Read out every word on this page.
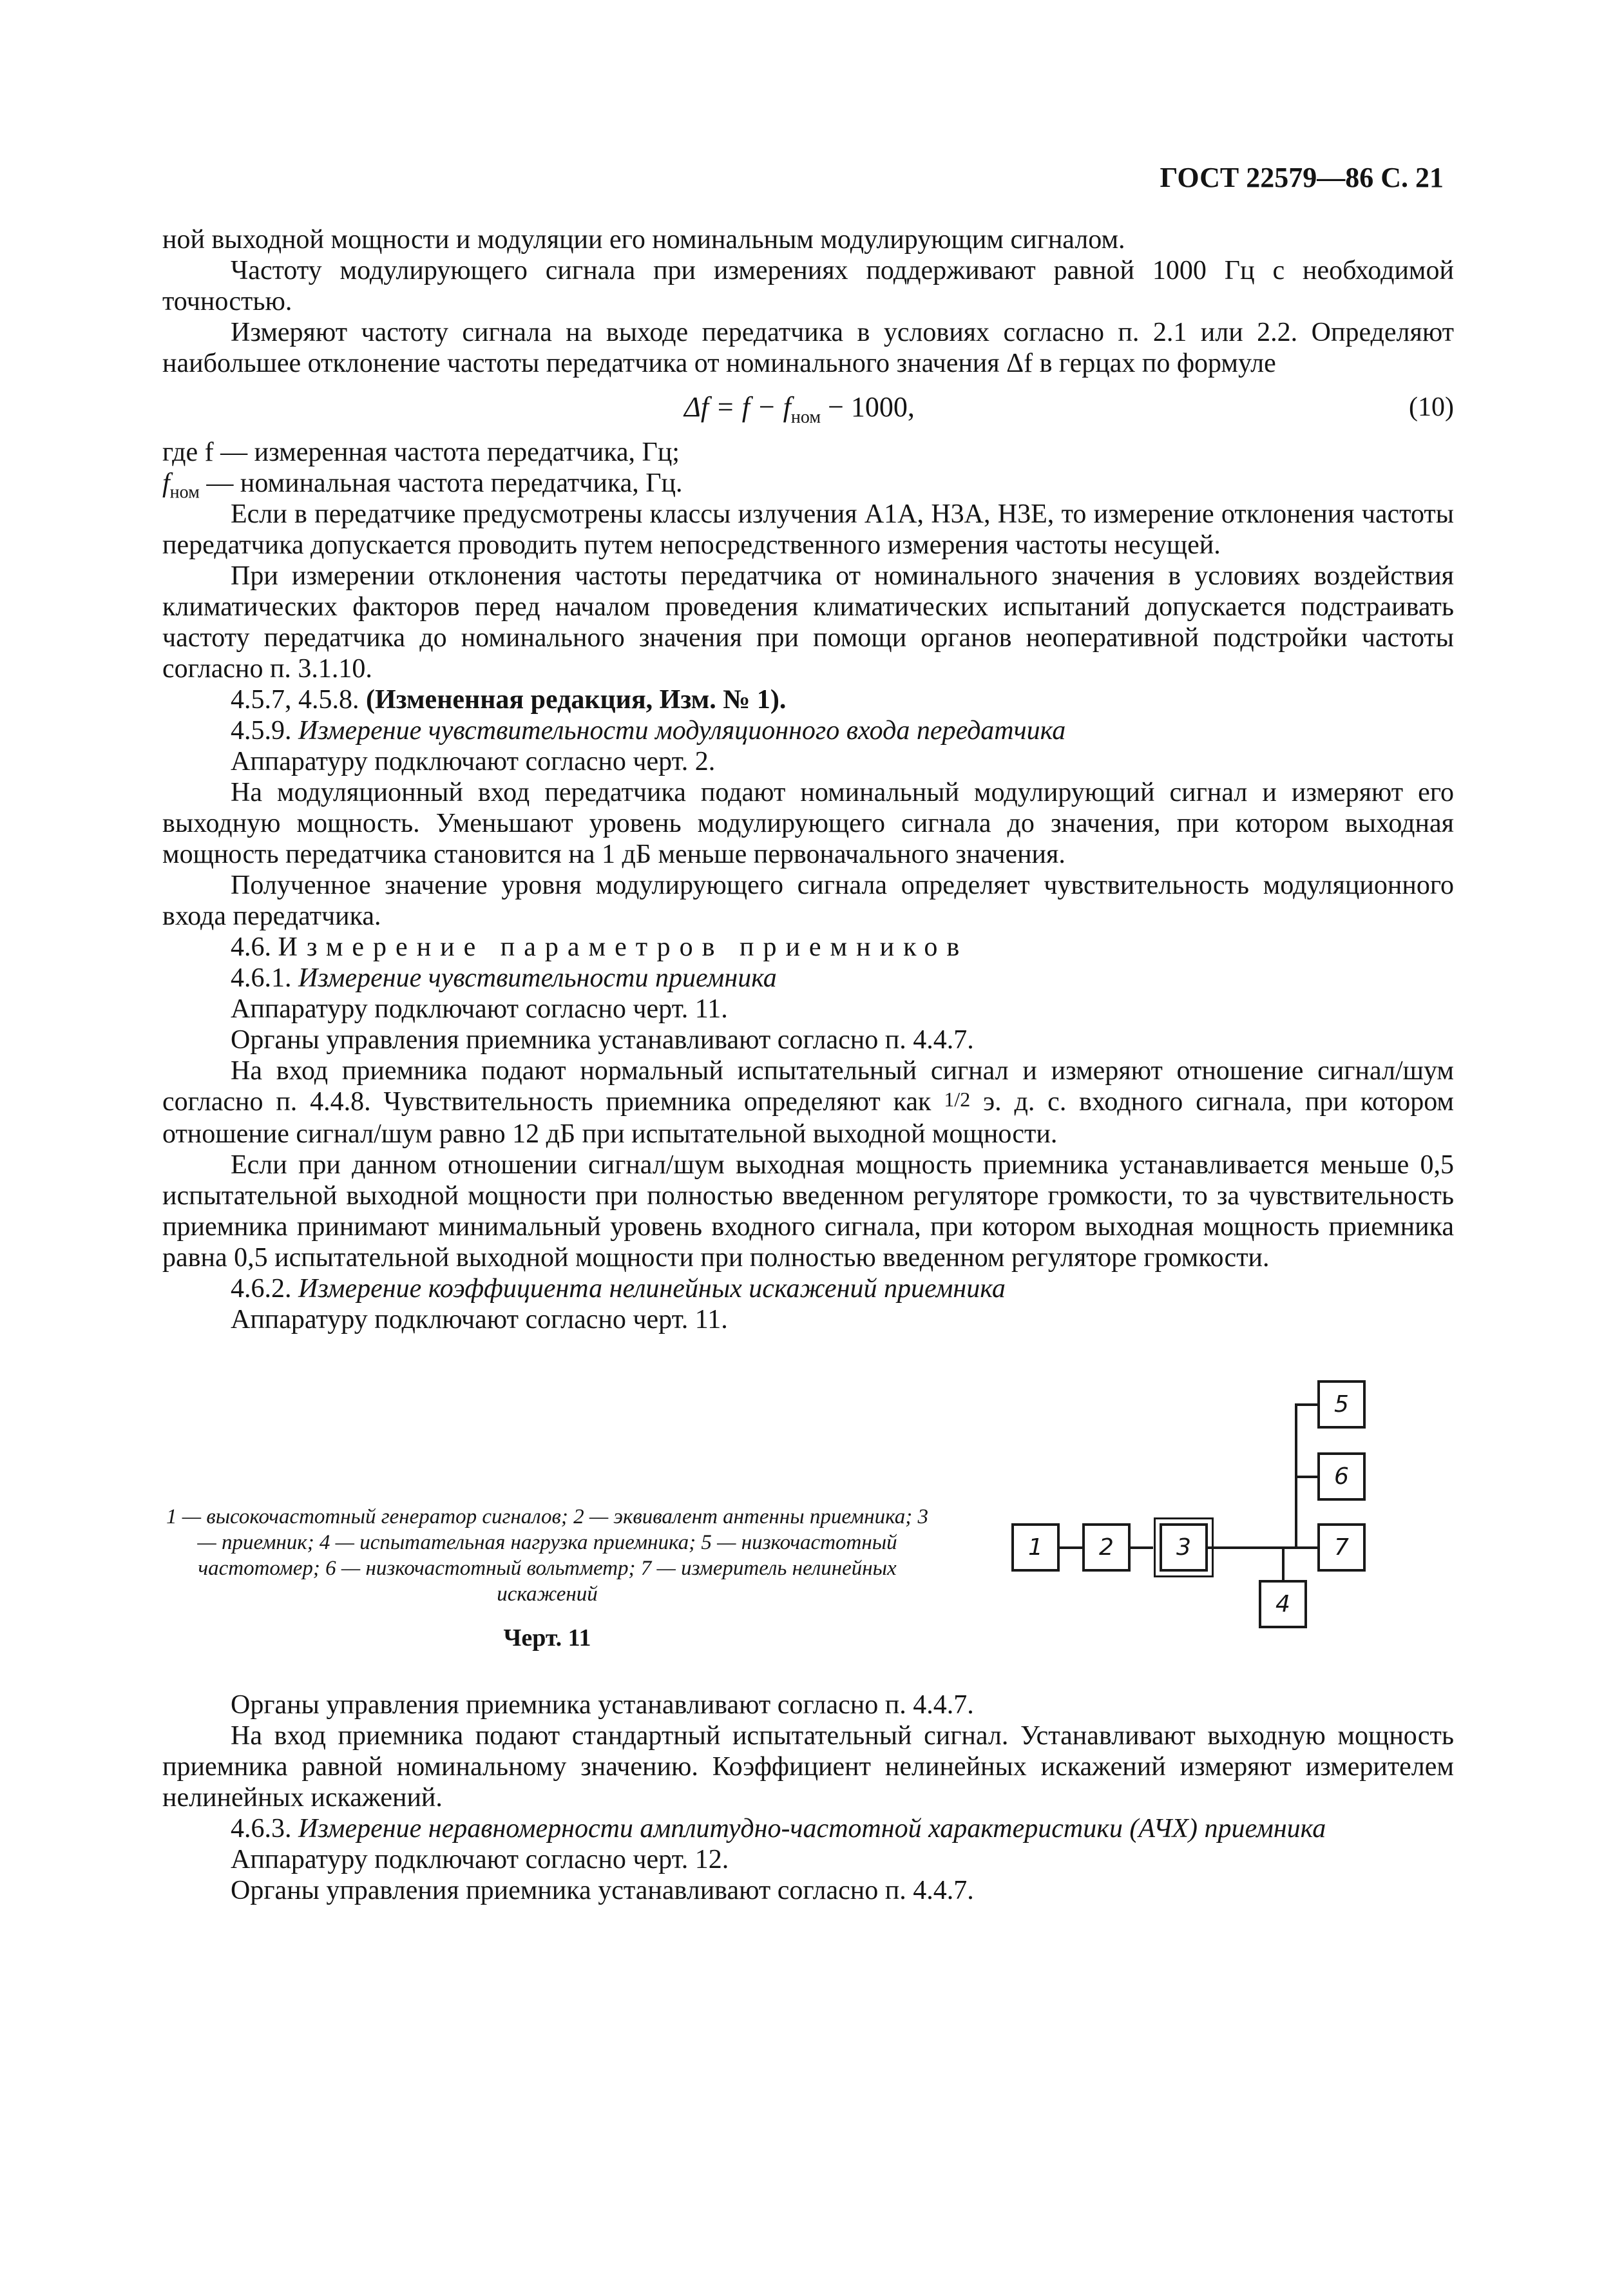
ГОСТ 22579—86 С. 21

ной выходной мощности и модуляции его номинальным модулирующим сигналом.

Частоту модулирующего сигнала при измерениях поддерживают равной 1000 Гц с необходимой точностью.

Измеряют частоту сигнала на выходе передатчика в условиях согласно п. 2.1 или 2.2. Определяют наибольшее отклонение частоты передатчика от номинального значения Δf в герцах по формуле

$\Delta f = f - f_{ном} - 1000$,	(10)

где f — измеренная частота передатчика, Гц;

$f_{ном}$ — номинальная частота передатчика, Гц.

Если в передатчике предусмотрены классы излучения А1А, Н3А, Н3Е, то измерение отклонения частоты передатчика допускается проводить путем непосредственного измерения частоты несущей.

При измерении отклонения частоты передатчика от номинального значения в условиях воздействия климатических факторов перед началом проведения климатических испытаний допускается подстраивать частоту передатчика до номинального значения при помощи органов неоперативной подстройки частоты согласно п. 3.1.10.

4.5.7, 4.5.8. (Измененная редакция, Изм. № 1).

4.5.9. Измерение чувствительности модуляционного входа передатчика

Аппаратуру подключают согласно черт. 2.

На модуляционный вход передатчика подают номинальный модулирующий сигнал и измеряют его выходную мощность. Уменьшают уровень модулирующего сигнала до значения, при котором выходная мощность передатчика становится на 1 дБ меньше первоначального значения.

Полученное значение уровня модулирующего сигнала определяет чувствительность модуляционного входа передатчика.

4.6. Измерение параметров приемников

4.6.1. Измерение чувствительности приемника

Аппаратуру подключают согласно черт. 11.

Органы управления приемника устанавливают согласно п. 4.4.7.

На вход приемника подают нормальный испытательный сигнал и измеряют отношение сигнал/шум согласно п. 4.4.8. Чувствительность приемника определяют как 1/2 э. д. с. входного сигнала, при котором отношение сигнал/шум равно 12 дБ при испытательной выходной мощности.

Если при данном отношении сигнал/шум выходная мощность приемника устанавливается меньше 0,5 испытательной выходной мощности при полностью введенном регуляторе громкости, то за чувствительность приемника принимают минимальный уровень входного сигнала, при котором выходная мощность приемника равна 0,5 испытательной выходной мощности при полностью введенном регуляторе громкости.

4.6.2. Измерение коэффициента нелинейных искажений приемника

Аппаратуру подключают согласно черт. 11.

1 — высокочастотный генератор сигналов; 2 — эквивалент антенны приемника; 3 — приемник; 4 — испытательная нагрузка приемника; 5 — низкочастотный частотомер; 6 — низкочастотный вольтметр; 7 — измеритель нелинейных искажений
Черт. 11
1	2	3
4
5
6
7

Органы управления приемника устанавливают согласно п. 4.4.7.

На вход приемника подают стандартный испытательный сигнал. Устанавливают выходную мощность приемника равной номинальному значению. Коэффициент нелинейных искажений измеряют измерителем нелинейных искажений.

4.6.3. Измерение неравномерности амплитудно-частотной характеристики (АЧХ) приемника

Аппаратуру подключают согласно черт. 12.

Органы управления приемника устанавливают согласно п. 4.4.7.
